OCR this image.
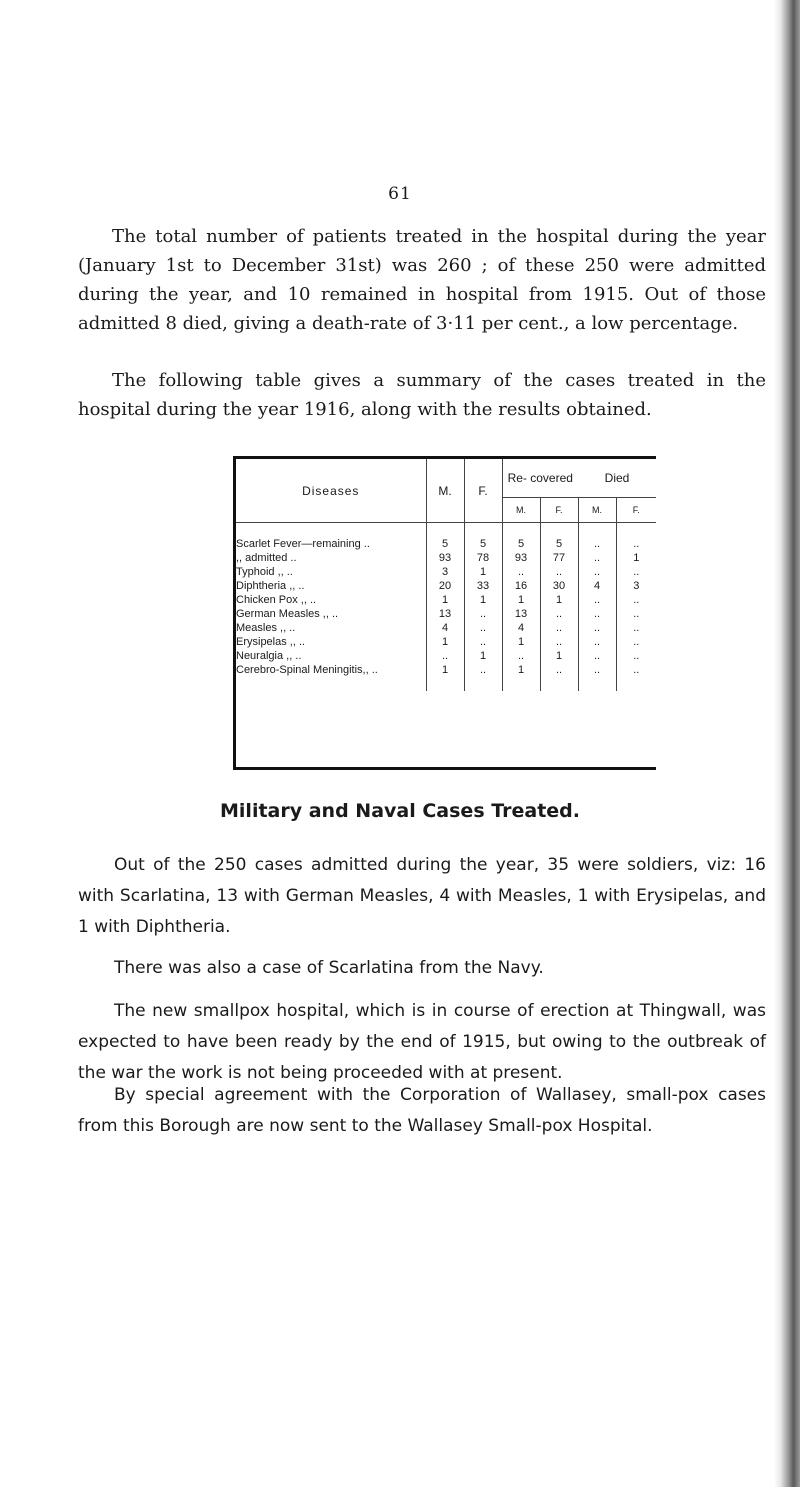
61

The total number of patients treated in the hospital during the year (January 1st to December 31st) was 260 ; of these 250 were admitted during the year, and 10 remained in hospital from 1915. Out of those admitted 8 died, giving a death-rate of 3·11 per cent., a low percentage.

The following table gives a summary of the cases treated in the hospital during the year 1916, along with the results obtained.

Diseases	M.	F.	Re- covered		Died	
			M.	F.	M.	F.

Scarlet Fever—remaining ..	5	5	5	5	..	..
,, admitted ..	93	78	93	77	..	1
Typhoid ,, ..	3	1	..	..	..	..
Diphtheria ,, ..	20	33	16	30	4	3
Chicken Pox ,, ..	1	1	1	1	..	..
German Measles ,, ..	13	..	13	..	..	..
Measles ,, ..	4	..	4	..	..	..
Erysipelas ,, ..	1	..	1	..	..	..
Neuralgia ,, ..	..	1	..	1	..	..
Cerebro-Spinal Meningitis,, ..	1	..	1	..	..	..

Military and Naval Cases Treated.

Out of the 250 cases admitted during the year, 35 were soldiers, viz: 16 with Scarlatina, 13 with German Measles, 4 with Measles, 1 with Erysipelas, and 1 with Diphtheria.

There was also a case of Scarlatina from the Navy.

The new smallpox hospital, which is in course of erection at Thingwall, was expected to have been ready by the end of 1915, but owing to the outbreak of the war the work is not being proceeded with at present.

By special agreement with the Corporation of Wallasey, small-pox cases from this Borough are now sent to the Wallasey Small-pox Hospital.
